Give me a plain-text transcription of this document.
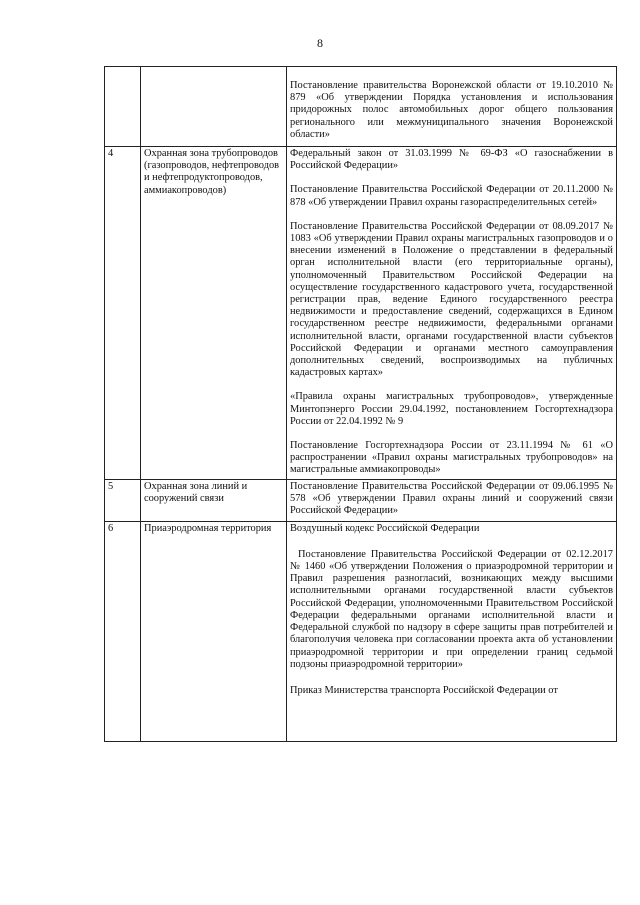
8

		Постановление правительства Воронежской области от 19.10.2010 № 879 «Об утверждении Порядка установления и использования придорожных полос автомобильных дорог общего пользования регионального или межмуниципального значения Воронежской области»

4	Охранная зона трубопроводов (газопроводов, нефтепроводов и нефтепродуктопроводов, аммиакопроводов)	Федеральный закон от 31.03.1999 № 69-ФЗ «О газоснабжении в Российской Федерации»

Постановление Правительства Российской Федерации от 20.11.2000 № 878 «Об утверждении Правил охраны газораспределительных сетей»

Постановление Правительства Российской Федерации от 08.09.2017 № 1083 «Об утверждении Правил охраны магистральных газопроводов и о внесении изменений в Положение о представлении в федеральный орган исполнительной власти (его территориальные органы), уполномоченный Правительством Российской Федерации на осуществление государственного кадастрового учета, государственной регистрации прав, ведение Единого государственного реестра недвижимости и предоставление сведений, содержащихся в Едином государственном реестре недвижимости, федеральными органами исполнительной власти, органами государственной власти субъектов Российской Федерации и органами местного самоуправления дополнительных сведений, воспроизводимых на публичных кадастровых картах»

«Правила охраны магистральных трубопроводов», утвержденные Минтопэнерго России 29.04.1992, постановлением Госгортехнадзора России от 22.04.1992 № 9

Постановление Госгортехнадзора России от 23.11.1994 № 61 «О распространении «Правил охраны магистральных трубопроводов» на магистральные аммиакопроводы»

5	Охранная зона линий и сооружений связи	Постановление Правительства Российской Федерации от 09.06.1995 № 578 «Об утверждении Правил охраны линий и сооружений связи Российской Федерации»

6	Приаэродромная территория	Воздушный кодекс Российской Федерации

Постановление Правительства Российской Федерации от 02.12.2017 № 1460 «Об утверждении Положения о приаэродромной территории и Правил разрешения разногласий, возникающих между высшими исполнительными органами государственной власти субъектов Российской Федерации, уполномоченными Правительством Российской Федерации федеральными органами исполнительной власти и Федеральной службой по надзору в сфере защиты прав потребителей и благополучия человека при согласовании проекта акта об установлении приаэродромной территории и при определении границ седьмой подзоны приаэродромной территории»

Приказ Министерства транспорта Российской Федерации от
